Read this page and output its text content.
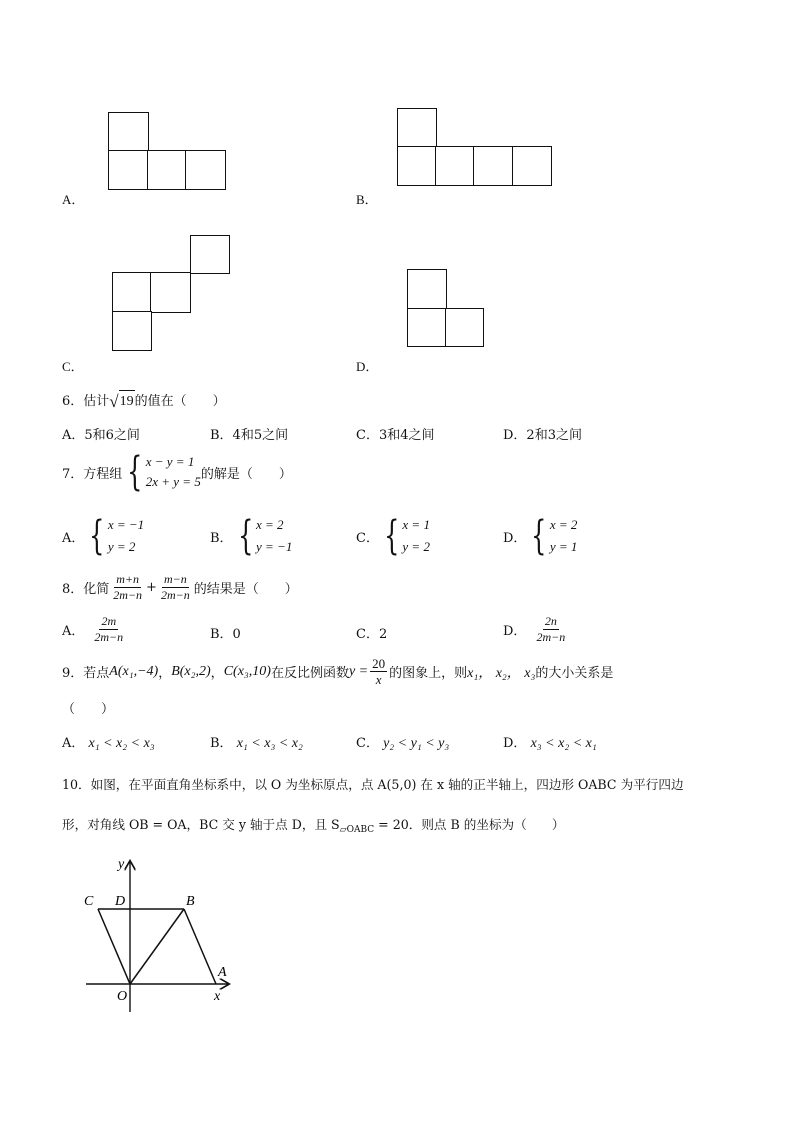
A．	B．
C．	D．
6．估计 √ 19 的值在（　　）
A．5和6之间	B．4和5之间	C．3和4之间	D．2和3之间
7．方程组 { x − y = 1
2x + y = 5 的解是（　　）
A． { x = −1
y = 2
B． { x = 2
y = −1
C． { x = 1
y = 2
D． { x = 2
y = 1
8．化简 $\frac{m+n}{2m-n} + \frac{m-n}{2m-n}$ 的结果是（　　）
A． $\frac{2m}{2m-n}$	B．0	C．2	D． $\frac{2n}{2m-n}$
9．若点 A(x₁,−4) ， B(x₂,2) ， C(x₃,10) 在反比例函数 $y = \frac{20}{x}$ 的图象上，则 x₁， x₂， x₃ 的大小关系是
（　　）
A． x₁ < x₂ < x₃	B． x₁ < x₃ < x₂	C． y₂ < y₁ < y₃	D． x₃ < x₂ < x₁
10．如图，在平面直角坐标系中，以 O 为坐标原点，点 A(5,0) 在 x 轴的正半轴上，四边形 OABC 为平行四边
形，对角线 OB = OA，BC 交 y 轴于点 D，且 $S_{▱OABC} = 20$．则点 B 的坐标为（　　）
y
x
O
A
B
C D
